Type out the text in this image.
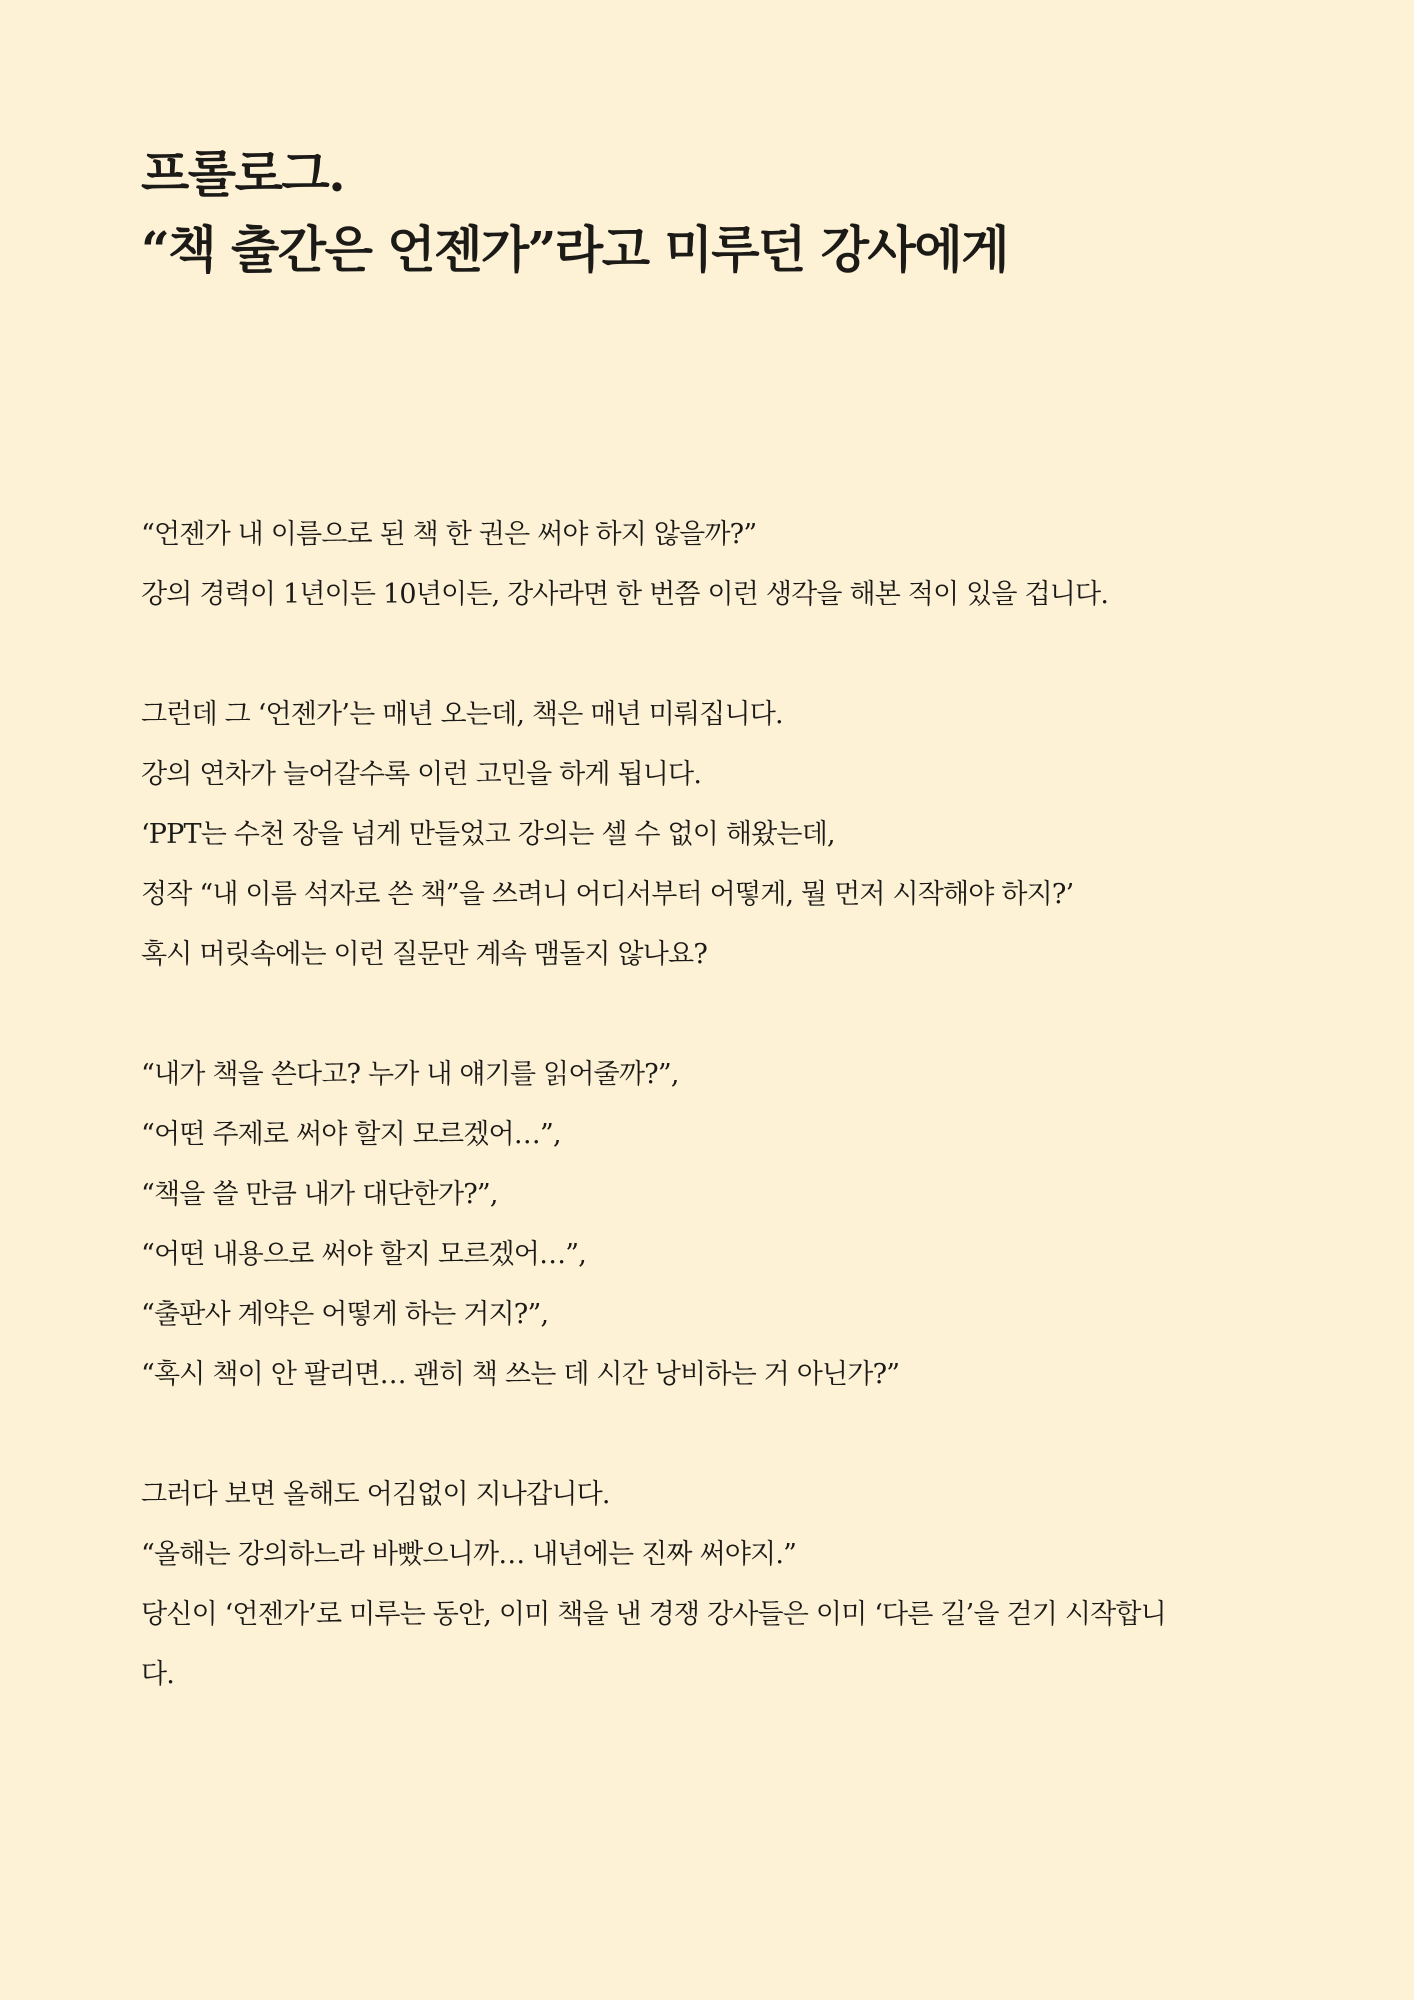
프롤로그.
“책 출간은 언젠가”라고 미루던 강사에게
“언젠가 내 이름으로 된 책 한 권은 써야 하지 않을까?”
강의 경력이 1년이든 10년이든, 강사라면 한 번쯤 이런 생각을 해본 적이 있을 겁니다.
그런데 그 ‘언젠가’는 매년 오는데, 책은 매년 미뤄집니다.
강의 연차가 늘어갈수록 이런 고민을 하게 됩니다.
‘PPT는 수천 장을 넘게 만들었고 강의는 셀 수 없이 해왔는데,
정작 “내 이름 석자로 쓴 책”을 쓰려니 어디서부터 어떻게, 뭘 먼저 시작해야 하지?’
혹시 머릿속에는 이런 질문만 계속 맴돌지 않나요?
“내가 책을 쓴다고? 누가 내 얘기를 읽어줄까?”,
“어떤 주제로 써야 할지 모르겠어…”,
“책을 쓸 만큼 내가 대단한가?”,
“어떤 내용으로 써야 할지 모르겠어…”,
“출판사 계약은 어떻게 하는 거지?”,
“혹시 책이 안 팔리면… 괜히 책 쓰는 데 시간 낭비하는 거 아닌가?”
그러다 보면 올해도 어김없이 지나갑니다.
“올해는 강의하느라 바빴으니까… 내년에는 진짜 써야지.”
당신이 ‘언젠가’로 미루는 동안, 이미 책을 낸 경쟁 강사들은 이미 ‘다른 길’을 걷기 시작합니
다.
